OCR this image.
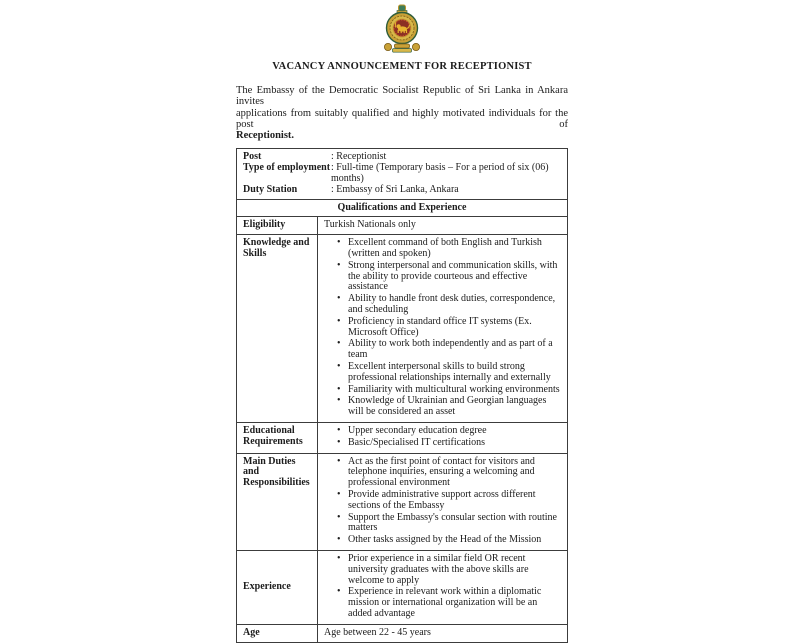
VACANCY ANNOUNCEMENT FOR RECEPTIONIST
The Embassy of the Democratic Socialist Republic of Sri Lanka in Ankara invites
applications from suitably qualified and highly motivated individuals for the post of
Receptionist.
Post	: Receptionist
Type of employment : Full-time (Temporary basis – For a period of six (06) months)
Duty Station	: Embassy of Sri Lanka, Ankara

Qualifications and Experience	
Eligibility	Turkish Nationals only
Knowledge and Skills	
• Excellent command of both English and Turkish (written and spoken)
• Strong interpersonal and communication skills, with the ability to provide courteous and effective assistance
• Ability to handle front desk duties, correspondence, and scheduling
• Proficiency in standard office IT systems (Ex. Microsoft Office)
• Ability to work both independently and as part of a team
• Excellent interpersonal skills to build strong professional relationships internally and externally
• Familiarity with multicultural working environments
• Knowledge of Ukrainian and Georgian languages will be considered an asset

Educational Requirements	
• Upper secondary education degree
• Basic/Specialised IT certifications

Main Duties and Responsibilities	
• Act as the first point of contact for visitors and telephone inquiries, ensuring a welcoming and professional environment
• Provide administrative support across different sections of the Embassy
• Support the Embassy's consular section with routine matters
• Other tasks assigned by the Head of the Mission

Experience	
• Prior experience in a similar field OR recent university graduates with the above skills are welcome to apply
• Experience in relevant work within a diplomatic mission or international organization will be an added advantage

Age	Age between 22 - 45 years
